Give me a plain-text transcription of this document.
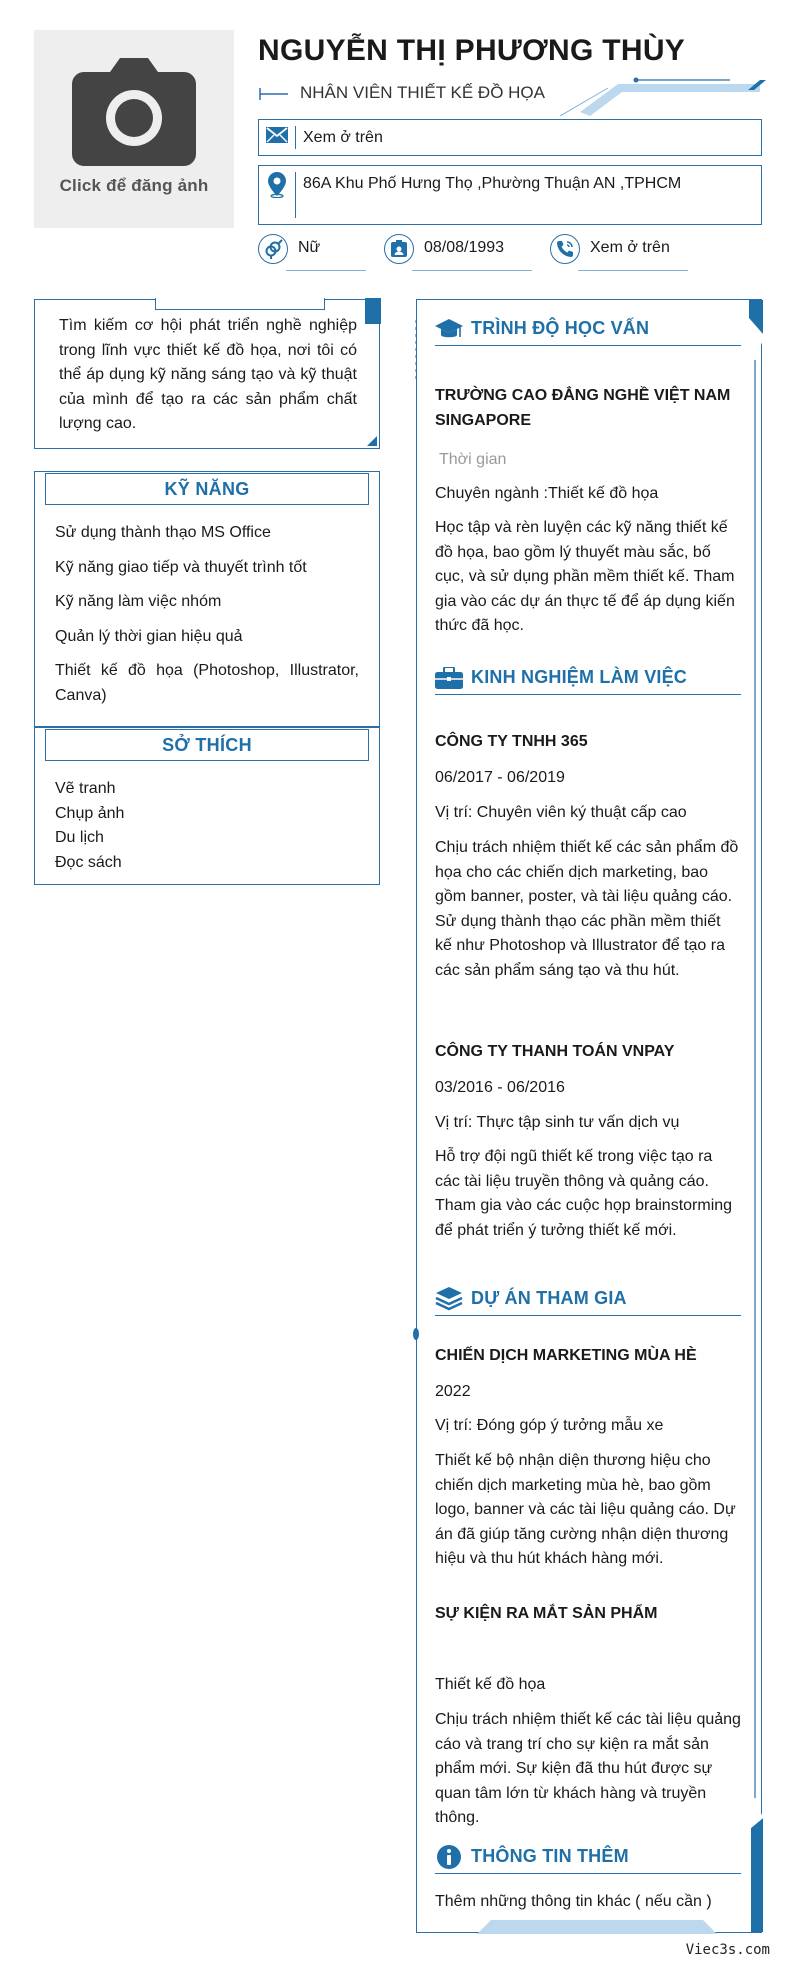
Click để đăng ảnh
NGUYỄN THỊ PHƯƠNG THÙY
NHÂN VIÊN THIẾT KẾ ĐỒ HỌA
Xem ở trên
86A Khu Phố Hưng Thọ ,Phường Thuận AN ,TPHCM
Nữ	08/08/1993	Xem ở trên
Tìm kiếm cơ hội phát triển nghề nghiệp trong lĩnh vực thiết kế đồ họa, nơi tôi có thể áp dụng kỹ năng sáng tạo và kỹ thuật của mình để tạo ra các sản phẩm chất lượng cao.
KỸ NĂNG
Sử dụng thành thạo MS Office
Kỹ năng giao tiếp và thuyết trình tốt
Kỹ năng làm việc nhóm
Quản lý thời gian hiệu quả
Thiết kế đồ họa (Photoshop, Illustrator, Canva)
SỞ THÍCH
Vẽ tranh
Chụp ảnh
Du lịch
Đọc sách
TRÌNH ĐỘ HỌC VẤN
TRƯỜNG CAO ĐẲNG NGHỀ VIỆT NAM SINGAPORE
Thời gian
Chuyên ngành :Thiết kế đồ họa
Học tập và rèn luyện các kỹ năng thiết kế đồ họa, bao gồm lý thuyết màu sắc, bố cục, và sử dụng phần mềm thiết kế. Tham gia vào các dự án thực tế để áp dụng kiến thức đã học.
KINH NGHIỆM LÀM VIỆC
CÔNG TY TNHH 365
06/2017 - 06/2019
Vị trí: Chuyên viên ký thuật cấp cao
Chịu trách nhiệm thiết kế các sản phẩm đồ họa cho các chiến dịch marketing, bao gồm banner, poster, và tài liệu quảng cáo. Sử dụng thành thạo các phần mềm thiết kế như Photoshop và Illustrator để tạo ra các sản phẩm sáng tạo và thu hút.
CÔNG TY THANH TOÁN VNPAY
03/2016 - 06/2016
Vị trí: Thực tập sinh tư vấn dịch vụ
Hỗ trợ đội ngũ thiết kế trong việc tạo ra các tài liệu truyền thông và quảng cáo. Tham gia vào các cuộc họp brainstorming để phát triển ý tưởng thiết kế mới.
DỰ ÁN THAM GIA
CHIẾN DỊCH MARKETING MÙA HÈ
2022
Vị trí: Đóng góp ý tưởng mẫu xe
Thiết kế bộ nhận diện thương hiệu cho chiến dịch marketing mùa hè, bao gồm logo, banner và các tài liệu quảng cáo. Dự án đã giúp tăng cường nhận diện thương hiệu và thu hút khách hàng mới.
SỰ KIỆN RA MẮT SẢN PHẨM
Thiết kế đồ họa
Chịu trách nhiệm thiết kế các tài liệu quảng cáo và trang trí cho sự kiện ra mắt sản phẩm mới. Sự kiện đã thu hút được sự quan tâm lớn từ khách hàng và truyền thông.
THÔNG TIN THÊM
Thêm những thông tin khác ( nếu cần )
Viec3s.com
